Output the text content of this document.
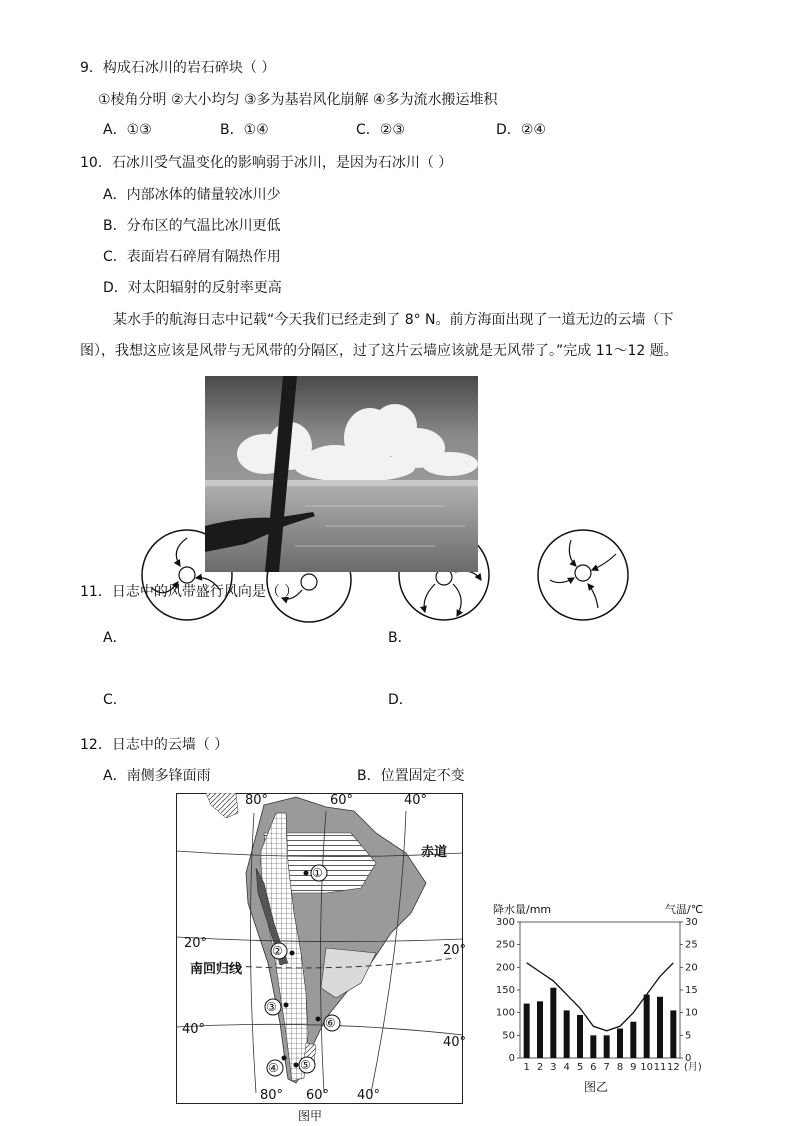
9．构成石冰川的岩石碎块（ ）
①棱角分明 ②大小均匀 ③多为基岩风化崩解 ④多为流水搬运堆积
A．①③	B．①④	C．②③	D．②④
10．石冰川受气温变化的影响弱于冰川，是因为石冰川（ ）
A．内部冰体的储量较冰川少
B．分布区的气温比冰川更低
C．表面岩石碎屑有隔热作用
D．对太阳辐射的反射率更高
某水手的航海日志中记载“今天我们已经走到了 8° N。前方海面出现了一道无边的云墙（下
图），我想这应该是风带与无风带的分隔区，过了这片云墙应该就是无风带了。”完成 11～12 题。
11．日志中的风带盛行风向是（ ）
A．	B．
C．	D．
12．日志中的云墙（ ）
A．南侧多锋面雨	B．位置固定不变
80°	60°	40°
赤道
20°	20°
南回归线
40°
40°
80° 60° 40°
①
②
③
④ ⑤
⑥
图甲
0
50
100
150
200
250
300
0
5
10
15
20
25
30
1 2 3 4 5 6 7 8 9 10 11 12 (月)
降水量/mm	气温/℃
图乙
